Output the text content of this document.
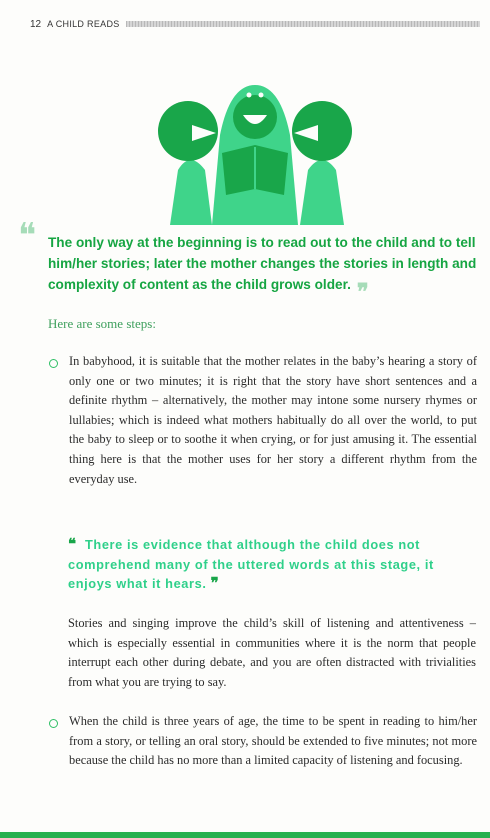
12 A CHILD READS
❝ The only way at the beginning is to read out to the child and to tell him/her stories; later the mother changes the stories in length and complexity of content as the child grows older. ❞
Here are some steps:
In babyhood, it is suitable that the mother relates in the baby’s hearing a story of only one or two minutes; it is right that the story have short sentences and a definite rhythm – alternatively, the mother may intone some nursery rhymes or lullabies; which is indeed what mothers habitually do all over the world, to put the baby to sleep or to soothe it when crying, or for just amusing it. The essential thing here is that the mother uses for her story a different rhythm from the everyday use.
❝ There is evidence that although the child does not comprehend many of the uttered words at this stage, it enjoys what it hears. ❞
Stories and singing improve the child’s skill of listening and attentiveness – which is especially essential in communities where it is the norm that people interrupt each other during debate, and you are often distracted with trivialities from what you are trying to say.
When the child is three years of age, the time to be spent in reading to him/her from a story, or telling an oral story, should be extended to five minutes; not more because the child has no more than a limited capacity of listening and focusing.
